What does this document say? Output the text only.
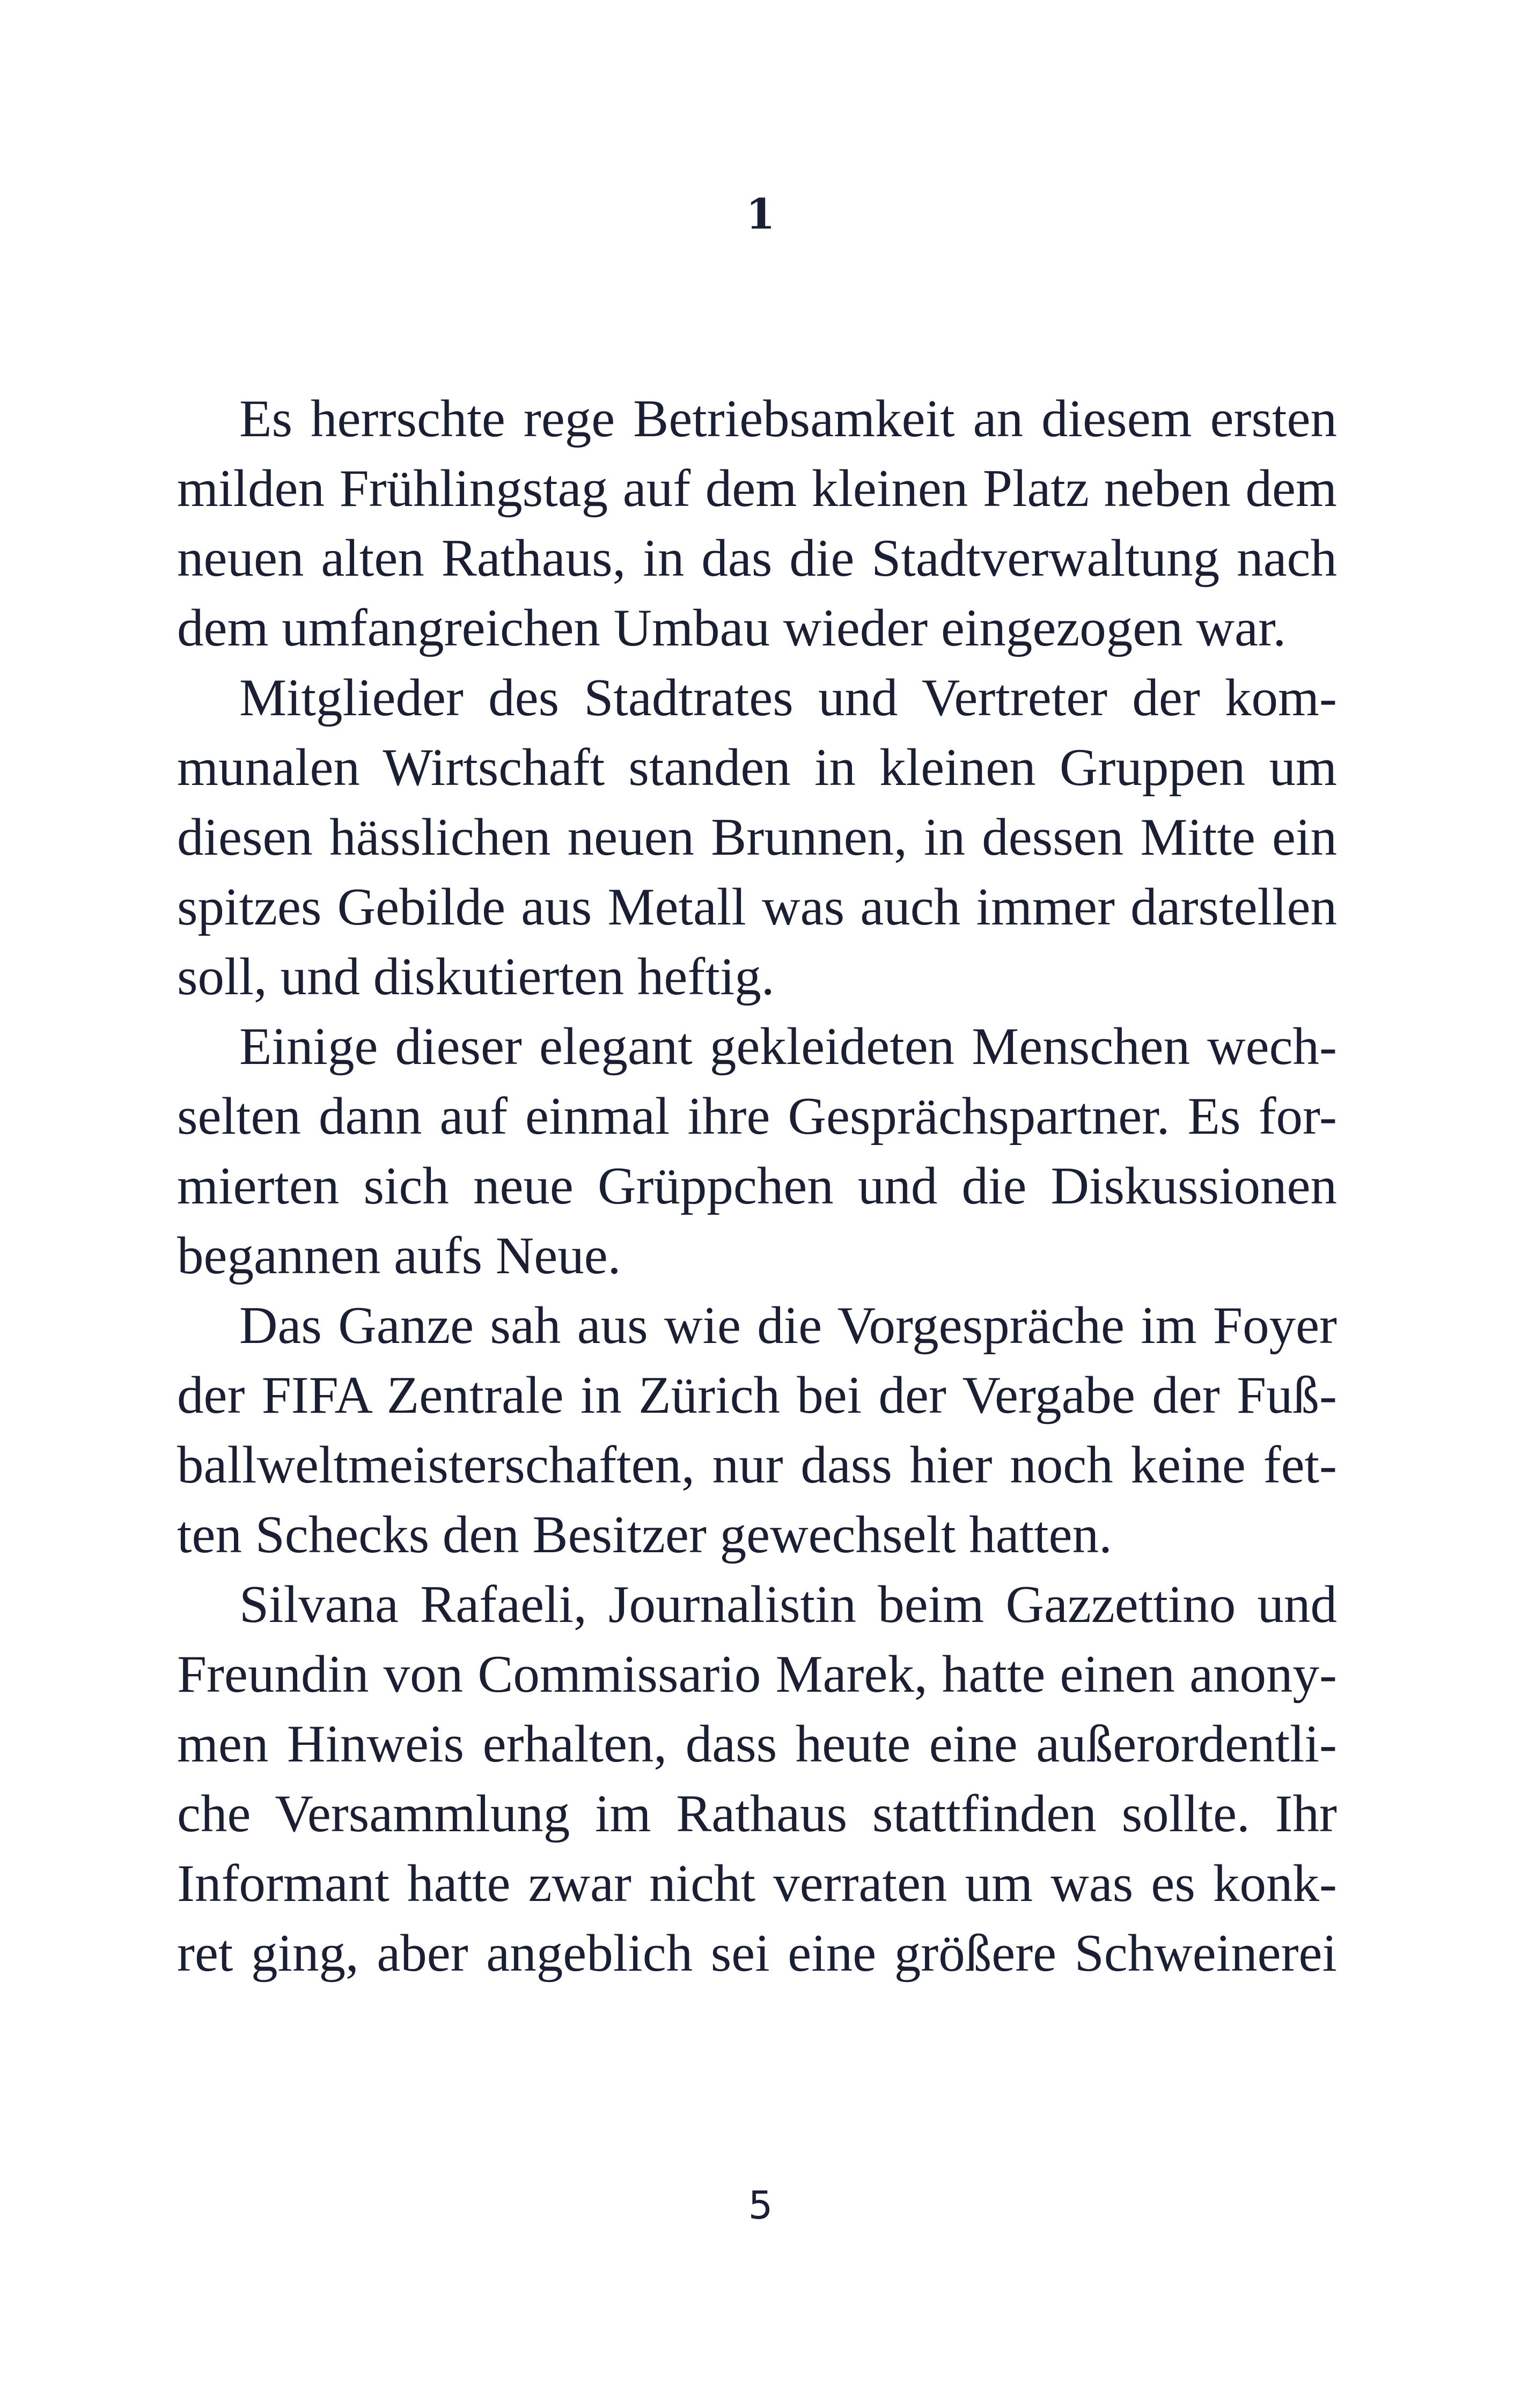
1

Es herrschte rege Betriebsamkeit an diesem ersten
milden Frühlingstag auf dem kleinen Platz neben dem
neuen alten Rathaus, in das die Stadtverwaltung nach
dem umfangreichen Umbau wieder eingezogen war.

Mitglieder des Stadtrates und Vertreter der kom-
munalen Wirtschaft standen in kleinen Gruppen um
diesen hässlichen neuen Brunnen, in dessen Mitte ein
spitzes Gebilde aus Metall was auch immer darstellen
soll, und diskutierten heftig.

Einige dieser elegant gekleideten Menschen wech-
selten dann auf einmal ihre Gesprächspartner. Es for-
mierten sich neue Grüppchen und die Diskussionen
begannen aufs Neue.

Das Ganze sah aus wie die Vorgespräche im Foyer
der FIFA Zentrale in Zürich bei der Vergabe der Fuß-
ballweltmeisterschaften, nur dass hier noch keine fet-
ten Schecks den Besitzer gewechselt hatten.

Silvana Rafaeli, Journalistin beim Gazzettino und
Freundin von Commissario Marek, hatte einen anony-
men Hinweis erhalten, dass heute eine außerordentli-
che Versammlung im Rathaus stattfinden sollte. Ihr
Informant hatte zwar nicht verraten um was es konk-
ret ging, aber angeblich sei eine größere Schweinerei

5
